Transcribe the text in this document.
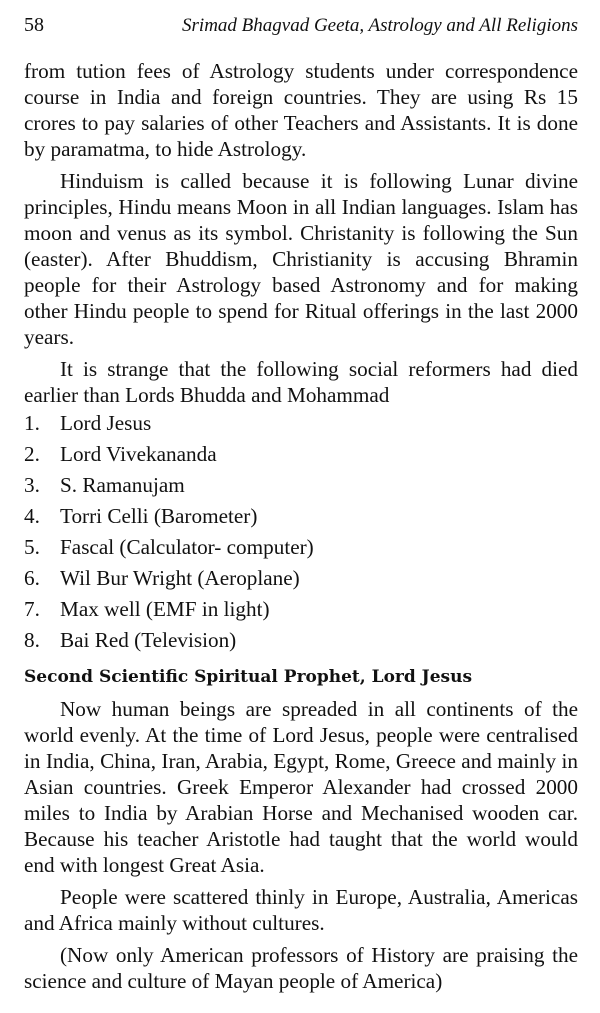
58	Srimad Bhagvad Geeta, Astrology and All Religions

from tution fees of Astrology students under correspondence course in India and foreign countries. They are using Rs 15 crores to pay salaries of other Teachers and Assistants. It is done by paramatma, to hide Astrology.

Hinduism is called because it is following Lunar divine principles, Hindu means Moon in all Indian languages. Islam has moon and venus as its symbol. Christanity is following the Sun (easter). After Bhuddism, Christianity is accusing Bhramin people for their Astrology based Astronomy and for making other Hindu people to spend for Ritual offerings in the last 2000 years.

It is strange that the following social reformers had died earlier than Lords Bhudda and Mohammad

1. Lord Jesus
2. Lord Vivekananda
3. S. Ramanujam
4. Torri Celli (Barometer)
5. Fascal (Calculator- computer)
6. Wil Bur Wright (Aeroplane)
7. Max well (EMF in light)
8. Bai Red (Television)
Second Scientific Spiritual Prophet, Lord Jesus

Now human beings are spreaded in all continents of the world evenly. At the time of Lord Jesus, people were centralised in India, China, Iran, Arabia, Egypt, Rome, Greece and mainly in Asian countries. Greek Emperor Alexander had crossed 2000 miles to India by Arabian Horse and Mechanised wooden car. Because his teacher Aristotle had taught that the world would end with longest Great Asia.

People were scattered thinly in Europe, Australia, Americas and Africa mainly without cultures.

(Now only American professors of History are praising the science and culture of Mayan people of America)
